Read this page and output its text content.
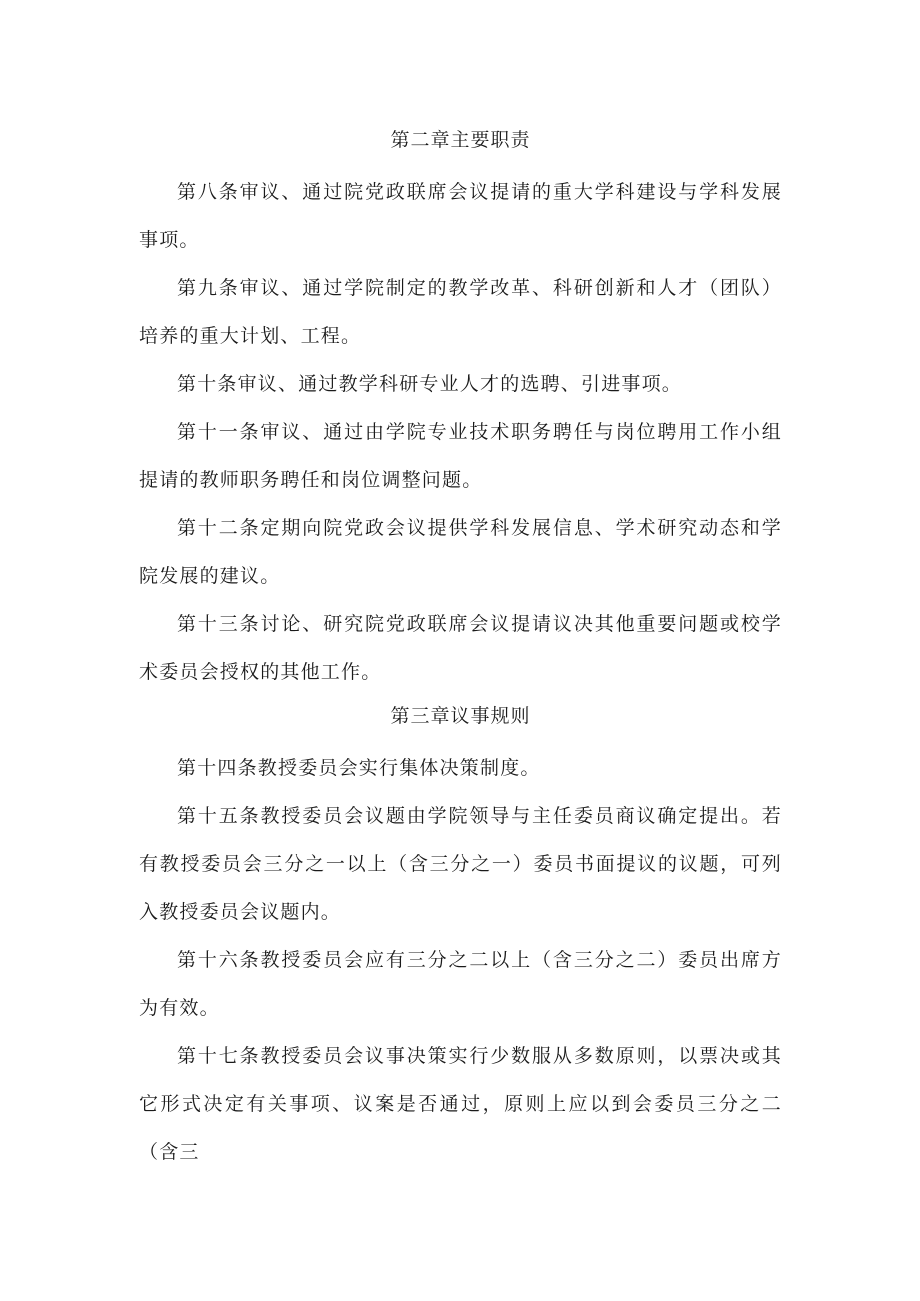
第二章主要职责

第八条审议、通过院党政联席会议提请的重大学科建设与学科发展事项。

第九条审议、通过学院制定的教学改革、科研创新和人才（团队）培养的重大计划、工程。

第十条审议、通过教学科研专业人才的选聘、引进事项。

第十一条审议、通过由学院专业技术职务聘任与岗位聘用工作小组提请的教师职务聘任和岗位调整问题。

第十二条定期向院党政会议提供学科发展信息、学术研究动态和学院发展的建议。

第十三条讨论、研究院党政联席会议提请议决其他重要问题或校学术委员会授权的其他工作。

第三章议事规则

第十四条教授委员会实行集体决策制度。

第十五条教授委员会议题由学院领导与主任委员商议确定提出。若有教授委员会三分之一以上（含三分之一）委员书面提议的议题，可列入教授委员会议题内。

第十六条教授委员会应有三分之二以上（含三分之二）委员出席方为有效。

第十七条教授委员会议事决策实行少数服从多数原则，以票决或其它形式决定有关事项、议案是否通过，原则上应以到会委员三分之二（含三
